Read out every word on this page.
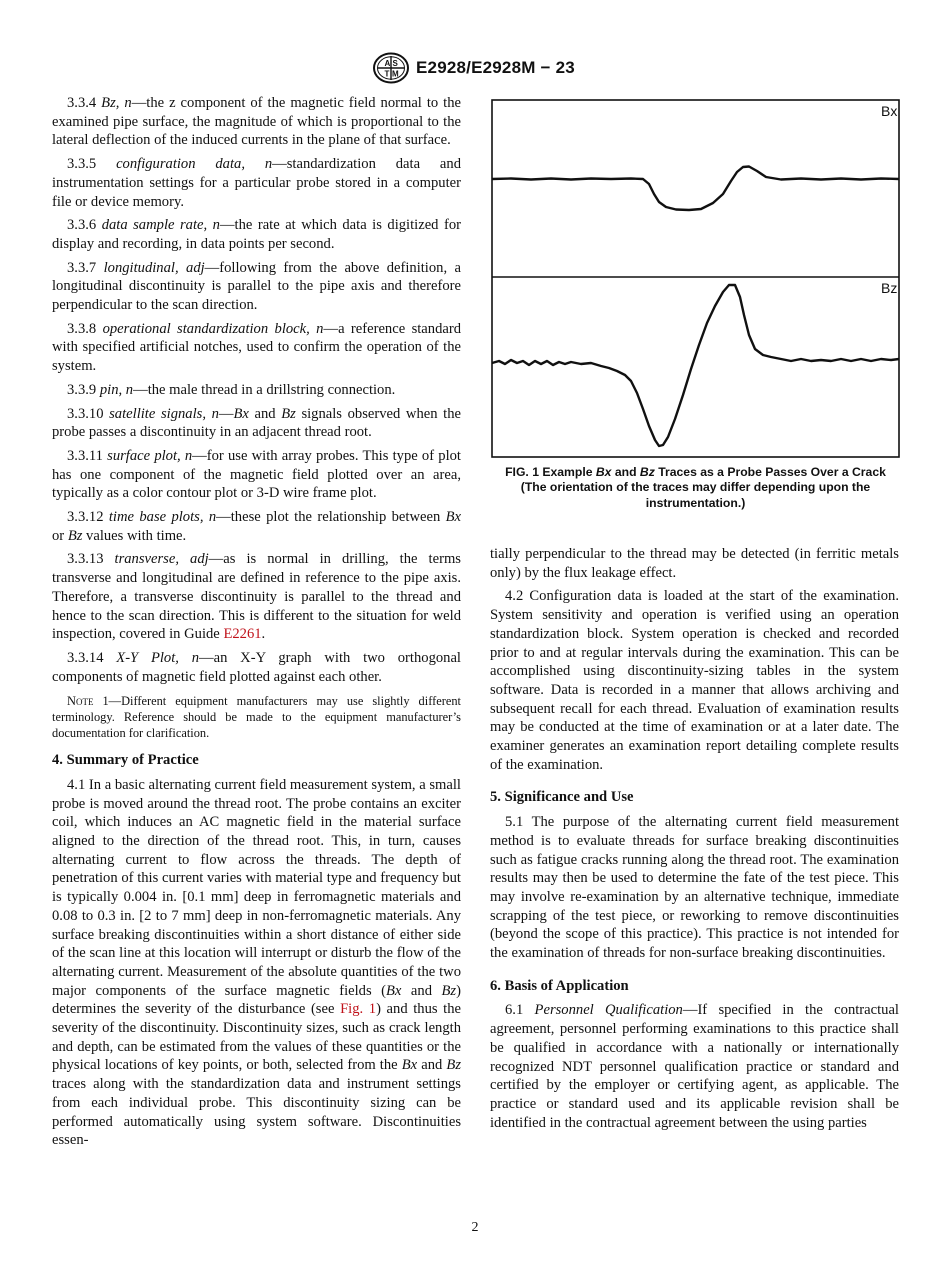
A S
T M E2928/E2928M − 23

3.3.4 Bz, n—the z component of the magnetic field normal to the examined pipe surface, the magnitude of which is proportional to the lateral deflection of the induced currents in the plane of that surface.

3.3.5 configuration data, n—standardization data and instrumentation settings for a particular probe stored in a computer file or device memory.

3.3.6 data sample rate, n—the rate at which data is digitized for display and recording, in data points per second.

3.3.7 longitudinal, adj—following from the above definition, a longitudinal discontinuity is parallel to the pipe axis and therefore perpendicular to the scan direction.

3.3.8 operational standardization block, n—a reference standard with specified artificial notches, used to confirm the operation of the system.

3.3.9 pin, n—the male thread in a drillstring connection.

3.3.10 satellite signals, n—Bx and Bz signals observed when the probe passes a discontinuity in an adjacent thread root.

3.3.11 surface plot, n—for use with array probes. This type of plot has one component of the magnetic field plotted over an area, typically as a color contour plot or 3-D wire frame plot.

3.3.12 time base plots, n—these plot the relationship between Bx or Bz values with time.

3.3.13 transverse, adj—as is normal in drilling, the terms transverse and longitudinal are defined in reference to the pipe axis. Therefore, a transverse discontinuity is parallel to the thread and hence to the scan direction. This is different to the situation for weld inspection, covered in Guide E2261.

3.3.14 X-Y Plot, n—an X-Y graph with two orthogonal components of magnetic field plotted against each other.

Note 1—Different equipment manufacturers may use slightly different terminology. Reference should be made to the equipment manufacturer’s documentation for clarification.

4. Summary of Practice

4.1 In a basic alternating current field measurement system, a small probe is moved around the thread root. The probe contains an exciter coil, which induces an AC magnetic field in the material surface aligned to the direction of the thread root. This, in turn, causes alternating current to flow across the threads. The depth of penetration of this current varies with material type and frequency but is typically 0.004 in. [0.1 mm] deep in ferromagnetic materials and 0.08 to 0.3 in. [2 to 7 mm] deep in non-ferromagnetic materials. Any surface breaking discontinuities within a short distance of either side of the scan line at this location will interrupt or disturb the flow of the alternating current. Measurement of the absolute quantities of the two major components of the surface magnetic fields (Bx and Bz) determines the severity of the disturbance (see Fig. 1) and thus the severity of the discontinuity. Discontinuity sizes, such as crack length and depth, can be estimated from the values of these quantities or the physical locations of key points, or both, selected from the Bx and Bz traces along with the standardization data and instrument settings from each individual probe. This discontinuity sizing can be performed automatically using system software. Discontinuities essen-

Bx
Bz
FIG. 1 Example Bx and Bz Traces as a Probe Passes Over a Crack (The orientation of the traces may differ depending upon the instrumentation.)

tially perpendicular to the thread may be detected (in ferritic metals only) by the flux leakage effect.

4.2 Configuration data is loaded at the start of the examination. System sensitivity and operation is verified using an operation standardization block. System operation is checked and recorded prior to and at regular intervals during the examination. This can be accomplished using discontinuity-sizing tables in the system software. Data is recorded in a manner that allows archiving and subsequent recall for each thread. Evaluation of examination results may be conducted at the time of examination or at a later date. The examiner generates an examination report detailing complete results of the examination.

5. Significance and Use

5.1 The purpose of the alternating current field measurement method is to evaluate threads for surface breaking discontinuities such as fatigue cracks running along the thread root. The examination results may then be used to determine the fate of the test piece. This may involve re-examination by an alternative technique, immediate scrapping of the test piece, or reworking to remove discontinuities (beyond the scope of this practice). This practice is not intended for the examination of threads for non-surface breaking discontinuities.

6. Basis of Application

6.1 Personnel Qualification—If specified in the contractual agreement, personnel performing examinations to this practice shall be qualified in accordance with a nationally or internationally recognized NDT personnel qualification practice or standard and certified by the employer or certifying agent, as applicable. The practice or standard used and its applicable revision shall be identified in the contractual agreement between the using parties

2
